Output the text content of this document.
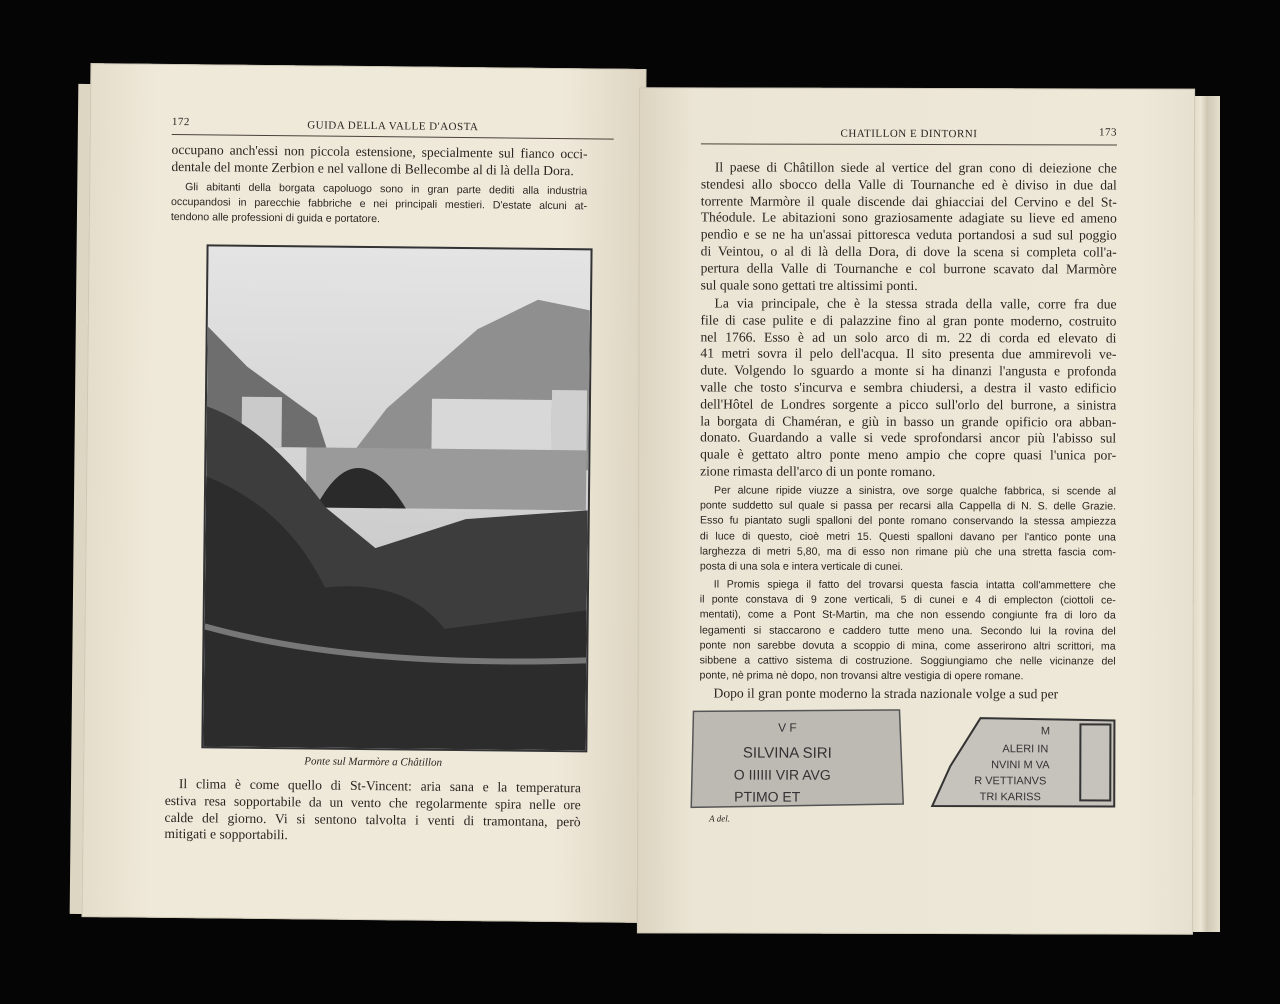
172	GUIDA DELLA VALLE D'AOSTA
occupano anch'essi non piccola estensione, specialmente sul fianco occi-
dentale del monte Zerbion e nel vallone di Bellecombe al di là della Dora.
Gli abitanti della borgata capoluogo sono in gran parte dediti alla industria
occupandosi in parecchie fabbriche e nei principali mestieri. D'estate alcuni at-
tendono alle professioni di guida e portatore.
Ponte sul Marmòre a Châtillon
Il clima è come quello di St-Vincent: aria sana e la temperatura
estiva resa sopportabile da un vento che regolarmente spira nelle ore
calde del giorno. Vi si sentono talvolta i venti di tramontana, però
mitigati e sopportabili.
CHATILLON E DINTORNI	173
Il paese di Châtillon siede al vertice del gran cono di deiezione che
stendesi allo sbocco della Valle di Tournanche ed è diviso in due dal
torrente Marmòre il quale discende dai ghiacciai del Cervino e del St-
Théodule. Le abitazioni sono graziosamente adagiate su lieve ed ameno
pendìo e se ne ha un'assai pittoresca veduta portandosi a sud sul poggio
di Veintou, o al di là della Dora, di dove la scena si completa coll'a-
pertura della Valle di Tournanche e col burrone scavato dal Marmòre
sul quale sono gettati tre altissimi ponti.
La via principale, che è la stessa strada della valle, corre fra due
file di case pulite e di palazzine fino al gran ponte moderno, costruito
nel 1766. Esso è ad un solo arco di m. 22 di corda ed elevato di
41 metri sovra il pelo dell'acqua. Il sito presenta due ammirevoli ve-
dute. Volgendo lo sguardo a monte si ha dinanzi l'angusta e profonda
valle che tosto s'incurva e sembra chiudersi, a destra il vasto edificio
dell'Hôtel de Londres sorgente a picco sull'orlo del burrone, a sinistra
la borgata di Chaméran, e giù in basso un grande opificio ora abban-
donato. Guardando a valle si vede sprofondarsi ancor più l'abisso sul
quale è gettato altro ponte meno ampio che copre quasi l'unica por-
zione rimasta dell'arco di un ponte romano.
Per alcune ripide viuzze a sinistra, ove sorge qualche fabbrica, si scende al
ponte suddetto sul quale si passa per recarsi alla Cappella di N. S. delle Grazie.
Esso fu piantato sugli spalloni del ponte romano conservando la stessa ampiezza
di luce di questo, cioè metri 15. Questi spalloni davano per l'antico ponte una
larghezza di metri 5,80, ma di esso non rimane più che una stretta fascia com-
posta di una sola e intera verticale di cunei.
Il Promis spiega il fatto del trovarsi questa fascia intatta coll'ammettere che
il ponte constava di 9 zone verticali, 5 di cunei e 4 di emplecton (ciottoli ce-
mentati), come a Pont St-Martin, ma che non essendo congiunte fra di loro da
legamenti si staccarono e caddero tutte meno una. Secondo lui la rovina del
ponte non sarebbe dovuta a scoppio di mina, come asserirono altri scrittori, ma
sibbene a cattivo sistema di costruzione. Soggiungiamo che nelle vicinanze del
ponte, nè prima nè dopo, non trovansi altre vestigia di opere romane.
Dopo il gran ponte moderno la strada nazionale volge a sud per
V F
SILVINA SIRI
O IIIIII VIR AVG
PTIMO ET
M
ALERI IN
NVINI M VA
R VETTIANVS
TRI KARISS
A del.
